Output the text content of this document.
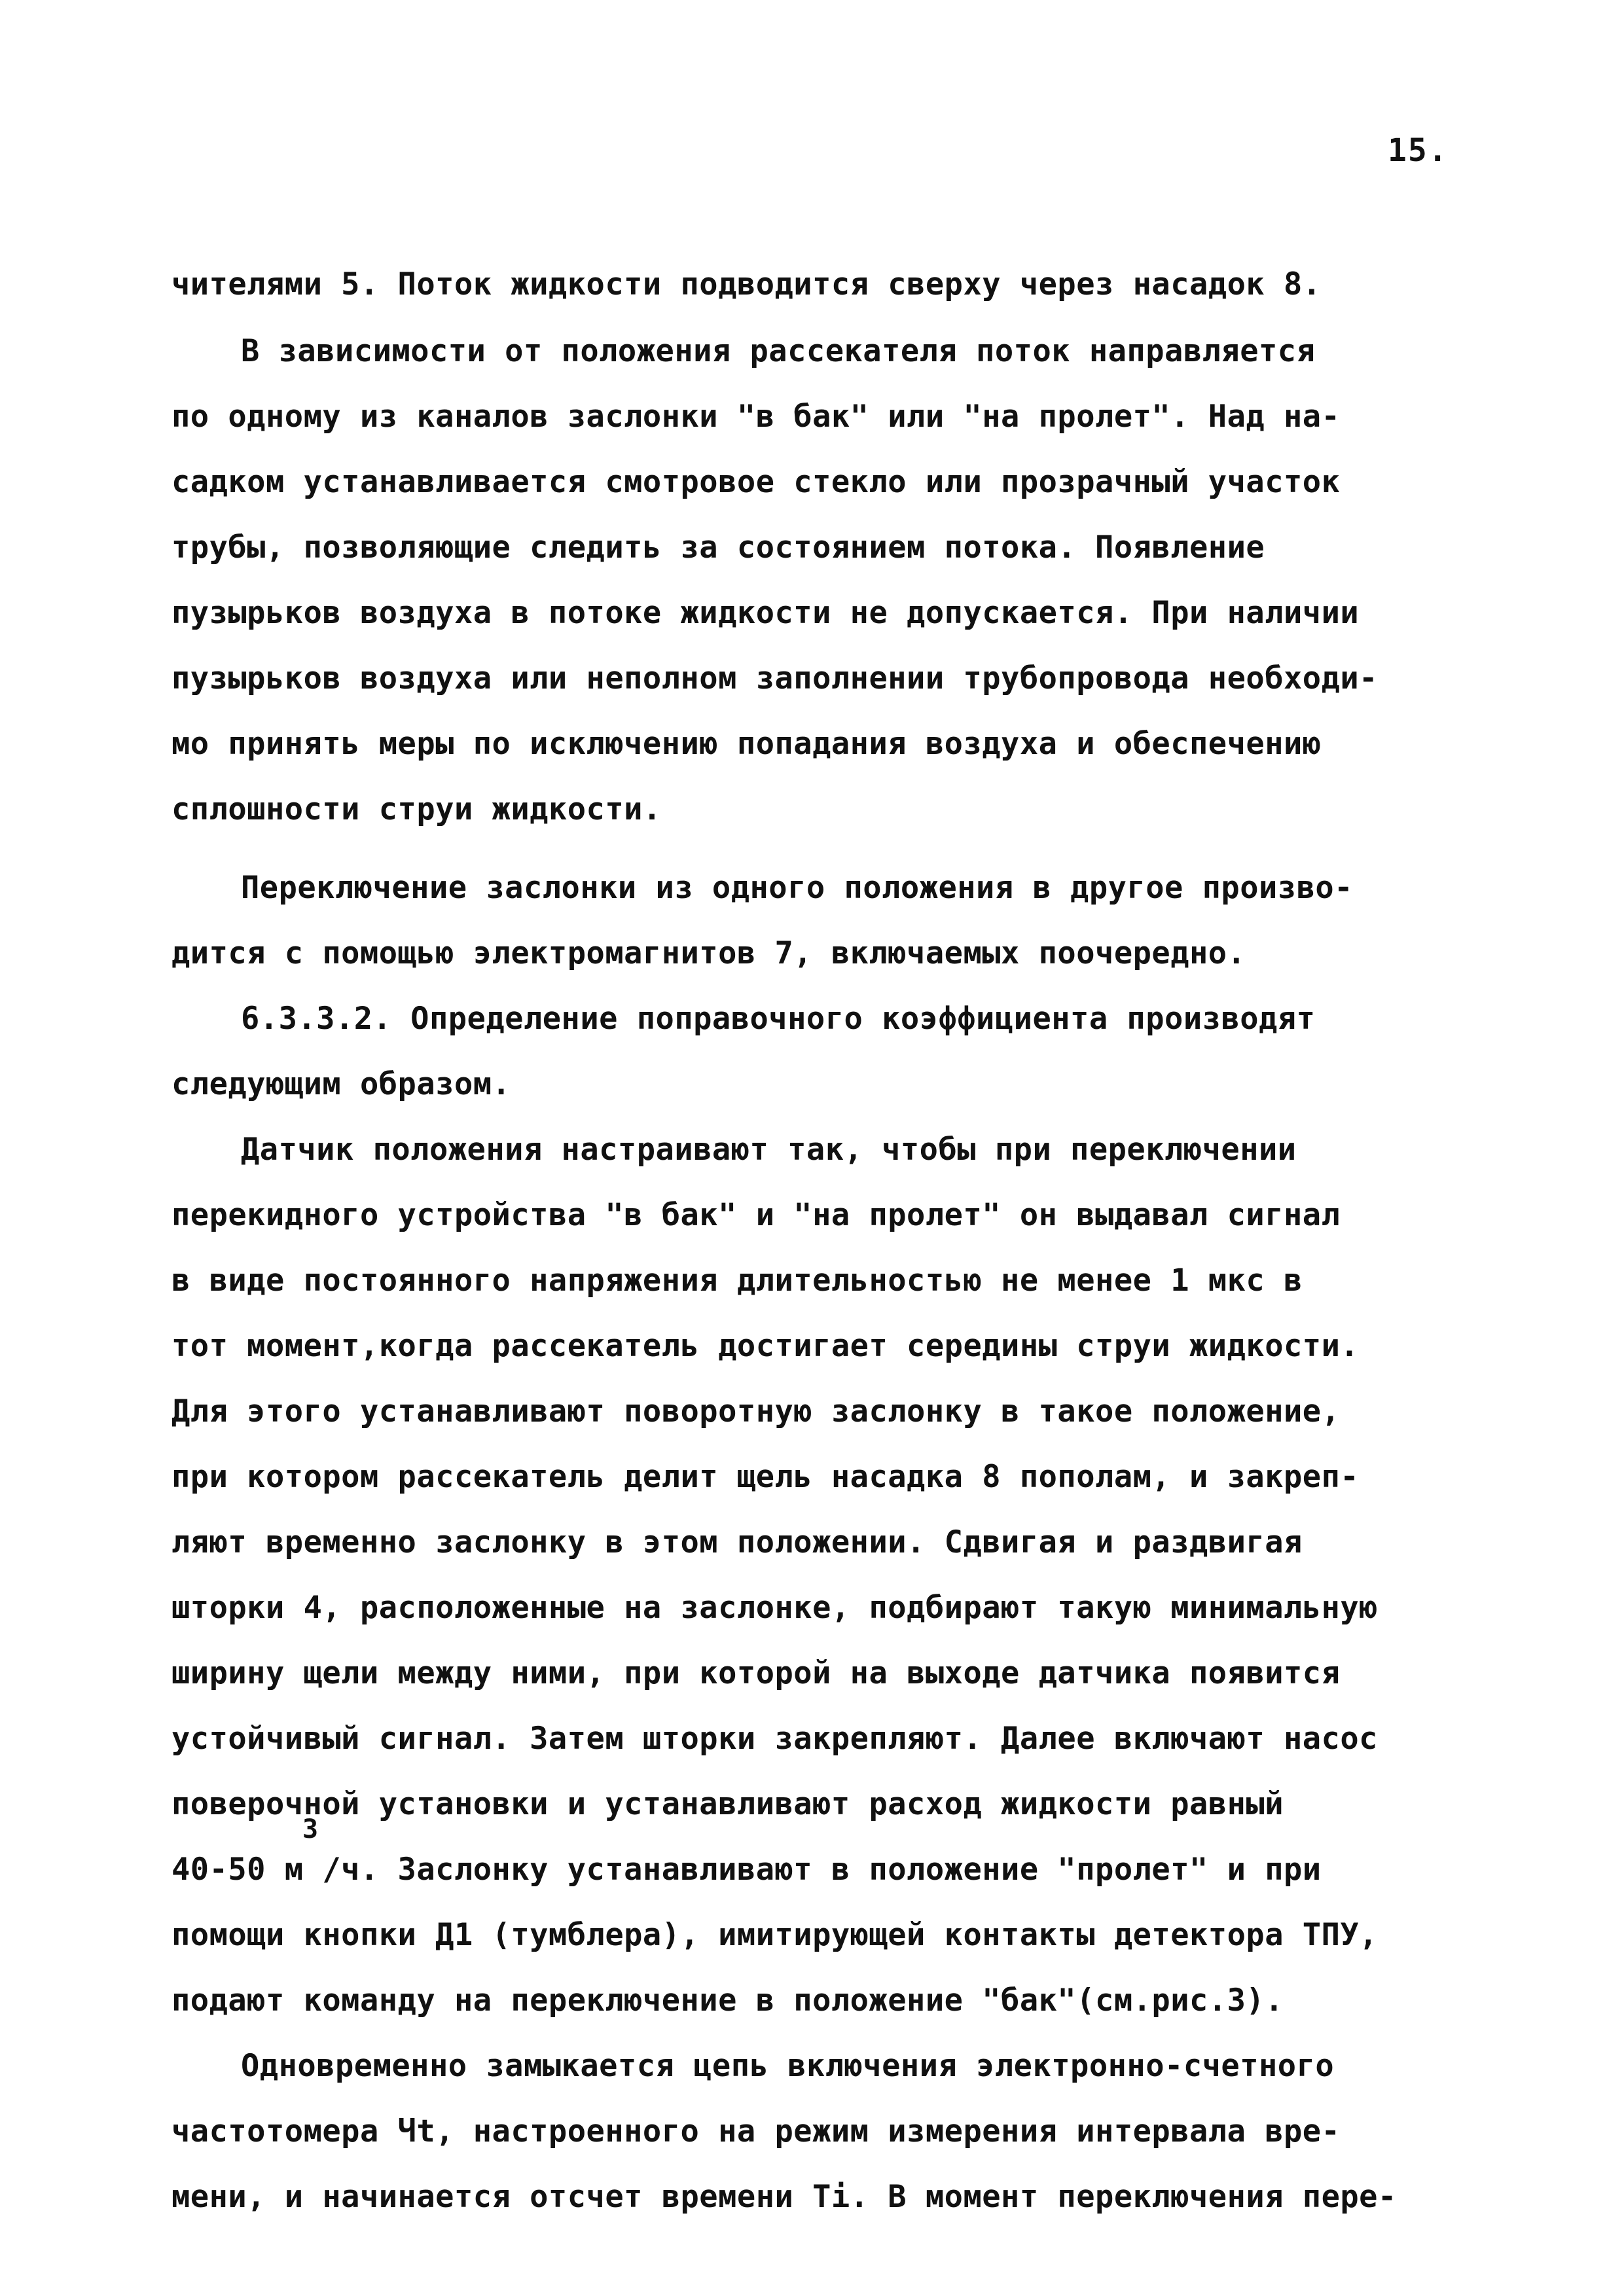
15.
чителями 5. Поток жидкости подводится сверху через насадок 8.
В зависимости от положения рассекателя поток направляется
по одному из каналов заслонки "в бак" или "на пролет". Над на-
садком устанавливается смотровое стекло или прозрачный участок
трубы, позволяющие следить за состоянием потока. Появление
пузырьков воздуха в потоке жидкости не допускается. При наличии
пузырьков воздуха или неполном заполнении трубопровода необходи-
мо принять меры по исключению попадания воздуха и обеспечению
сплошности струи жидкости.
Переключение заслонки из одного положения в другое произво-
дится с помощью электромагнитов 7, включаемых поочередно.
6.3.3.2. Определение поправочного коэффициента производят
следующим образом.
Датчик положения настраивают так, чтобы при переключении
перекидного устройства "в бак" и "на пролет" он выдавал сигнал
в виде постоянного напряжения длительностью не менее 1 мкс в
тот момент,когда рассекатель достигает середины струи жидкости.
Для этого устанавливают поворотную заслонку в такое положение,
при котором рассекатель делит щель насадка 8 пополам, и закреп-
ляют временно заслонку в этом положении. Сдвигая и раздвигая
шторки 4, расположенные на заслонке, подбирают такую минимальную
ширину щели между ними, при которой на выходе датчика появится
устойчивый сигнал. Затем шторки закрепляют. Далее включают насос
поверочной установки и устанавливают расход жидкости равный
3
40-50 м /ч. Заслонку устанавливают в положение "пролет" и при
помощи кнопки Д1 (тумблера), имитирующей контакты детектора ТПУ,
подают команду на переключение в положение "бак"(см.рис.3).
Одновременно замыкается цепь включения электронно-счетного
частотомера Чt, настроенного на режим измерения интервала вре-
мени, и начинается отсчет времени Ti. В момент переключения пере-
